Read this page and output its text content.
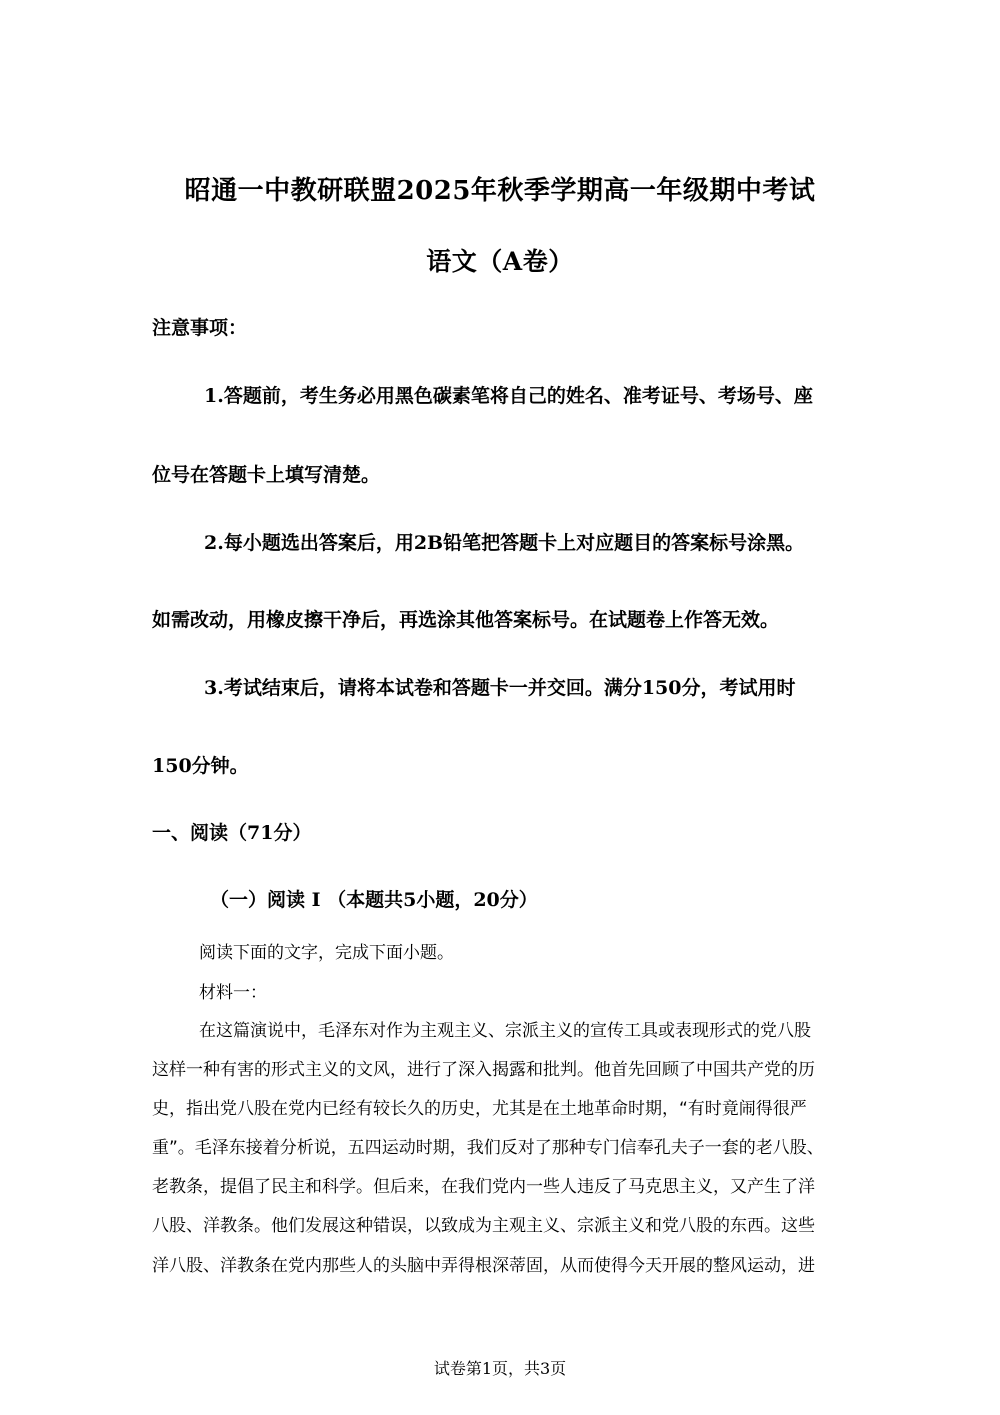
昭通一中教研联盟2025年秋季学期高一年级期中考试
语文（A卷）
注意事项：
1.答题前，考生务必用黑色碳素笔将自己的姓名、准考证号、考场号、座
位号在答题卡上填写清楚。
2.每小题选出答案后，用2B铅笔把答题卡上对应题目的答案标号涂黑。
如需改动，用橡皮擦干净后，再选涂其他答案标号。在试题卷上作答无效。
3.考试结束后，请将本试卷和答题卡一并交回。满分150分，考试用时
150分钟。
一、阅读（71分）
（一）阅读 I （本题共5小题，20分）
阅读下面的文字，完成下面小题。
材料一：
在这篇演说中，毛泽东对作为主观主义、宗派主义的宣传工具或表现形式的党八股
这样一种有害的形式主义的文风，进行了深入揭露和批判。他首先回顾了中国共产党的历
史，指出党八股在党内已经有较长久的历史，尤其是在土地革命时期，“有时竟闹得很严
重”。毛泽东接着分析说，五四运动时期，我们反对了那种专门信奉孔夫子一套的老八股、
老教条，提倡了民主和科学。但后来，在我们党内一些人违反了马克思主义，又产生了洋
八股、洋教条。他们发展这种错误，以致成为主观主义、宗派主义和党八股的东西。这些
洋八股、洋教条在党内那些人的头脑中弄得根深蒂固，从而使得今天开展的整风运动，进
试卷第1页，共3页
